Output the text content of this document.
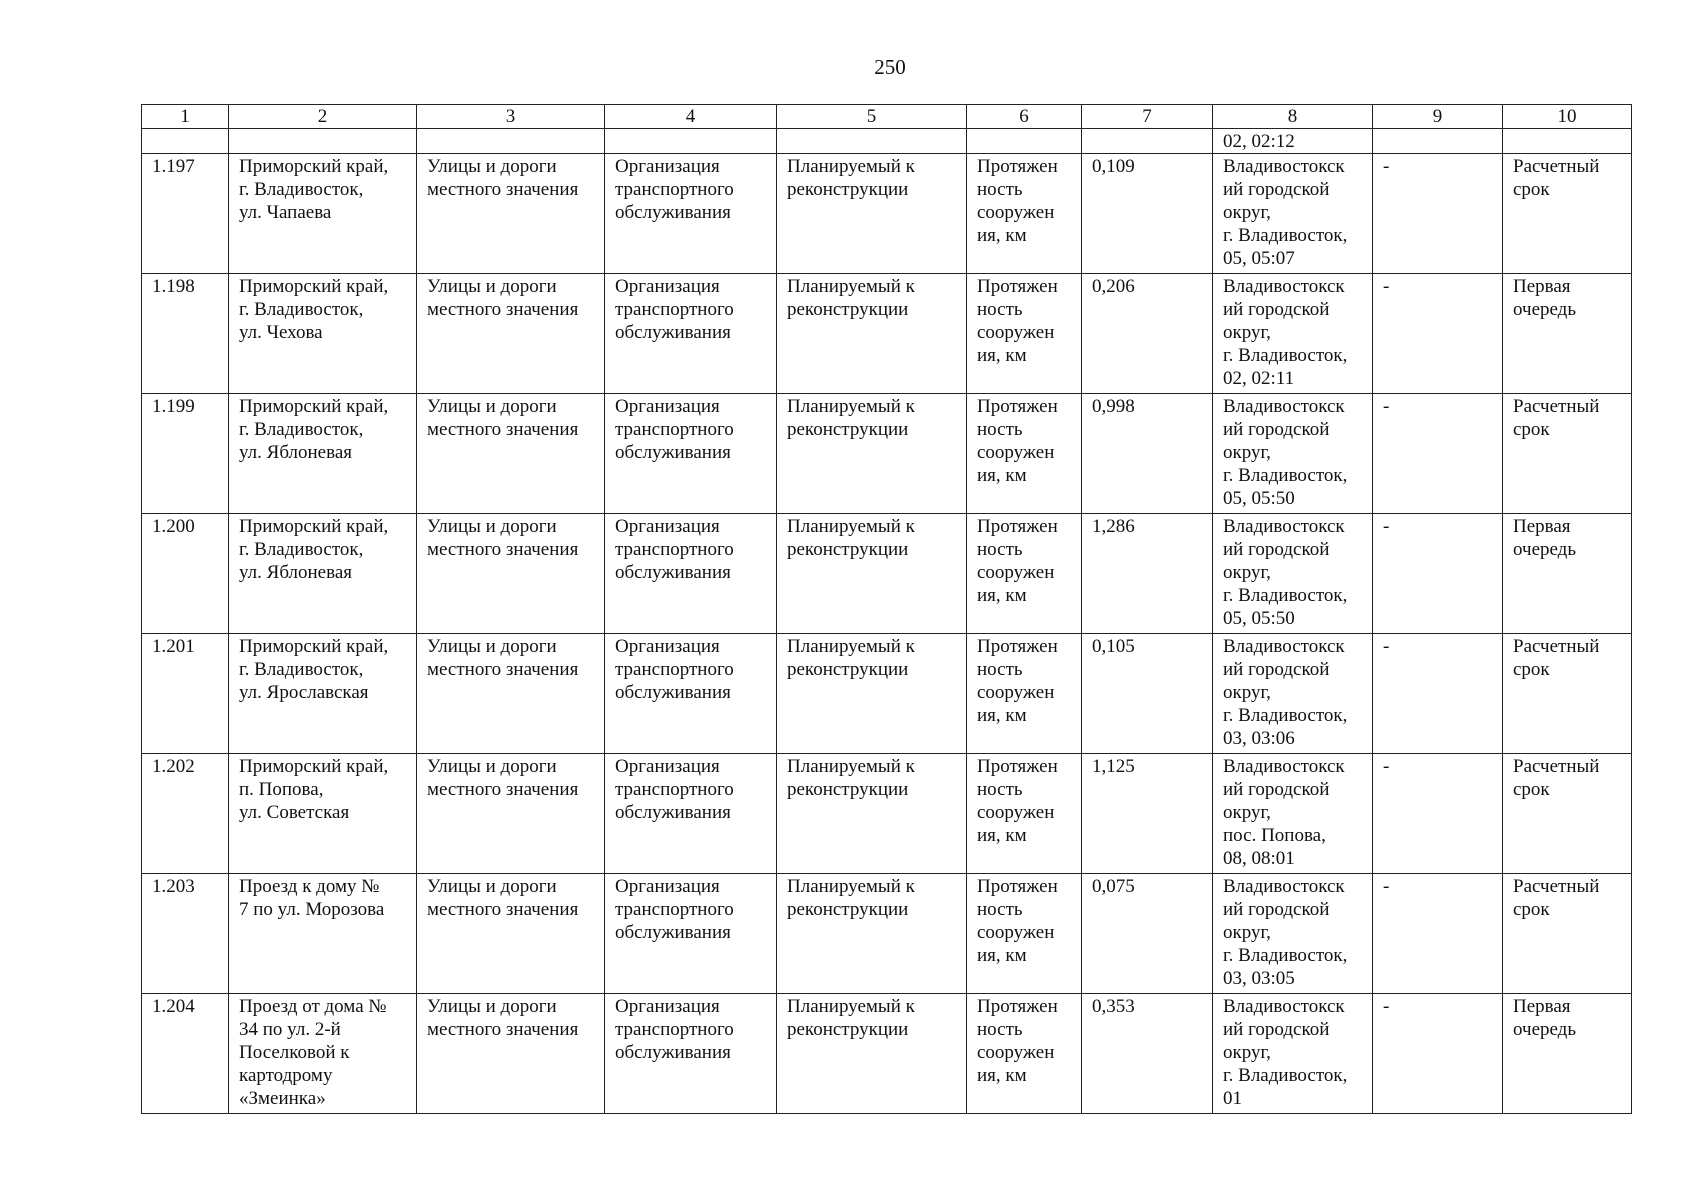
250
1	2	3	4	5	6	7	8	9	10
							02, 02:12		
1.197	Приморский край,
г. Владивосток,
ул. Чапаева	Улицы и дороги
местного значения	Организация
транспортного
обслуживания	Планируемый к
реконструкции	Протяжен
ность
сооружен
ия, км	0,109	Владивостокск
ий городской
округ,
г. Владивосток,
05, 05:07	-	Расчетный
срок
1.198	Приморский край,
г. Владивосток,
ул. Чехова	Улицы и дороги
местного значения	Организация
транспортного
обслуживания	Планируемый к
реконструкции	Протяжен
ность
сооружен
ия, км	0,206	Владивостокск
ий городской
округ,
г. Владивосток,
02, 02:11	-	Первая
очередь
1.199	Приморский край,
г. Владивосток,
ул. Яблоневая	Улицы и дороги
местного значения	Организация
транспортного
обслуживания	Планируемый к
реконструкции	Протяжен
ность
сооружен
ия, км	0,998	Владивостокск
ий городской
округ,
г. Владивосток,
05, 05:50	-	Расчетный
срок
1.200	Приморский край,
г. Владивосток,
ул. Яблоневая	Улицы и дороги
местного значения	Организация
транспортного
обслуживания	Планируемый к
реконструкции	Протяжен
ность
сооружен
ия, км	1,286	Владивостокск
ий городской
округ,
г. Владивосток,
05, 05:50	-	Первая
очередь
1.201	Приморский край,
г. Владивосток,
ул. Ярославская	Улицы и дороги
местного значения	Организация
транспортного
обслуживания	Планируемый к
реконструкции	Протяжен
ность
сооружен
ия, км	0,105	Владивостокск
ий городской
округ,
г. Владивосток,
03, 03:06	-	Расчетный
срок
1.202	Приморский край,
п. Попова,
ул. Советская	Улицы и дороги
местного значения	Организация
транспортного
обслуживания	Планируемый к
реконструкции	Протяжен
ность
сооружен
ия, км	1,125	Владивостокск
ий городской
округ,
пос. Попова,
08, 08:01	-	Расчетный
срок
1.203	Проезд к дому №
7 по ул. Морозова	Улицы и дороги
местного значения	Организация
транспортного
обслуживания	Планируемый к
реконструкции	Протяжен
ность
сооружен
ия, км	0,075	Владивостокск
ий городской
округ,
г. Владивосток,
03, 03:05	-	Расчетный
срок
1.204	Проезд от дома №
34 по ул. 2-й
Поселковой к
картодрому
«Змеинка»	Улицы и дороги
местного значения	Организация
транспортного
обслуживания	Планируемый к
реконструкции	Протяжен
ность
сооружен
ия, км	0,353	Владивостокск
ий городской
округ,
г. Владивосток,
01	-	Первая
очередь
